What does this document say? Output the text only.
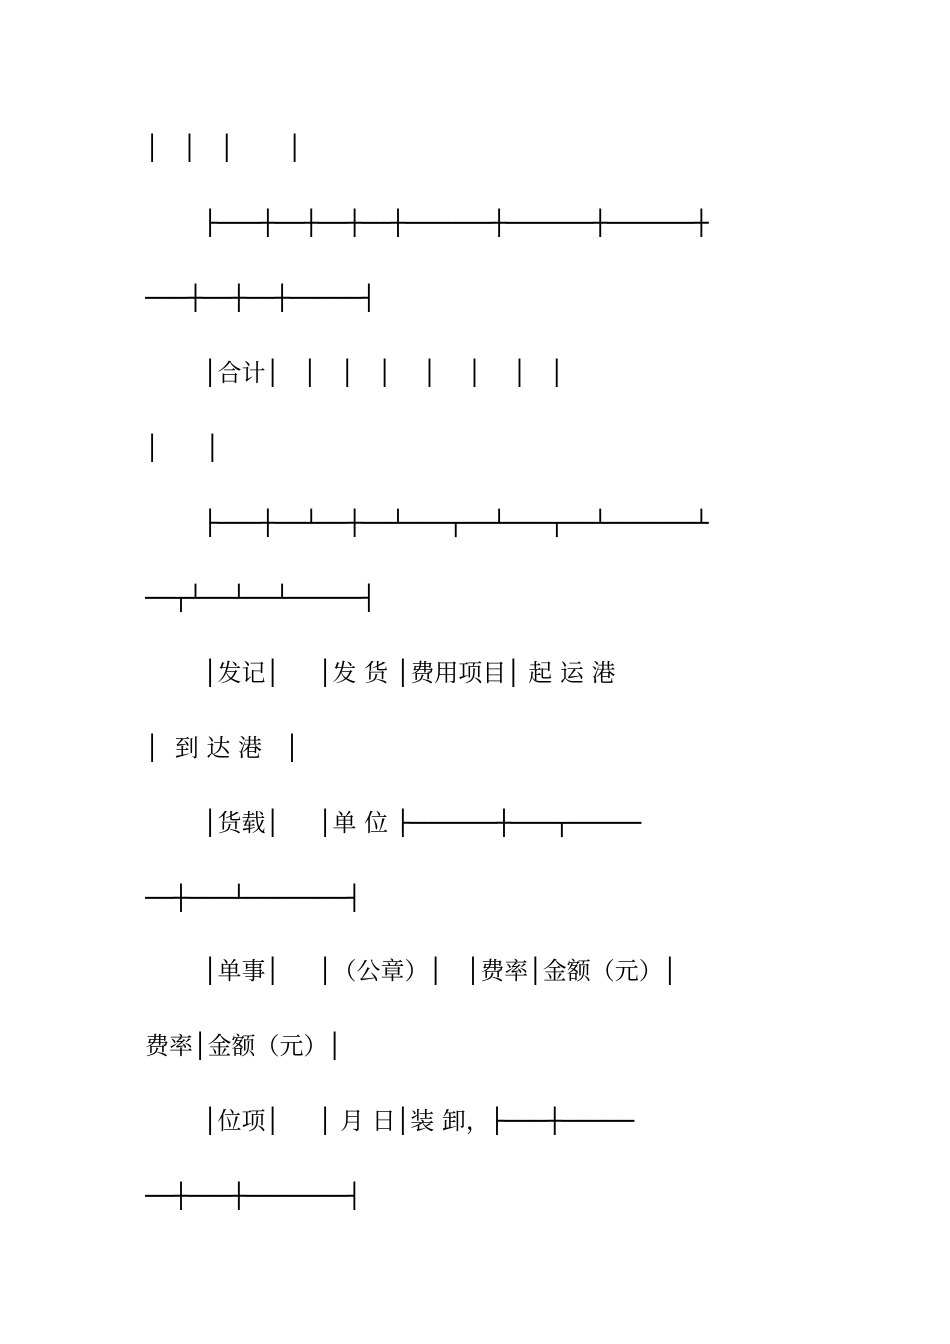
│   │   │       │
├───┼──┼──┼──┼──────┼──────┼──────┼
───┼──┼──┼─────┤
│合计│   │   │   │    │    │    │   │
│      │
├───┼──┴──┼──┴───┬──┴───┬──┴──────┴
──┬┴──┴──┴─────┤
│发记│     │发 货 │费用项目│ 起 运 港
│  到 达 港   │
│货载│     │单 位 ├──────┼───┬─────
──┼───┴───────┤
│单事│     │（公章）│   │费率│金额（元）│
费率│金额（元）│
│位项│     │ 月 日│装 卸，├───┼─────
──┼───┼───────┤
